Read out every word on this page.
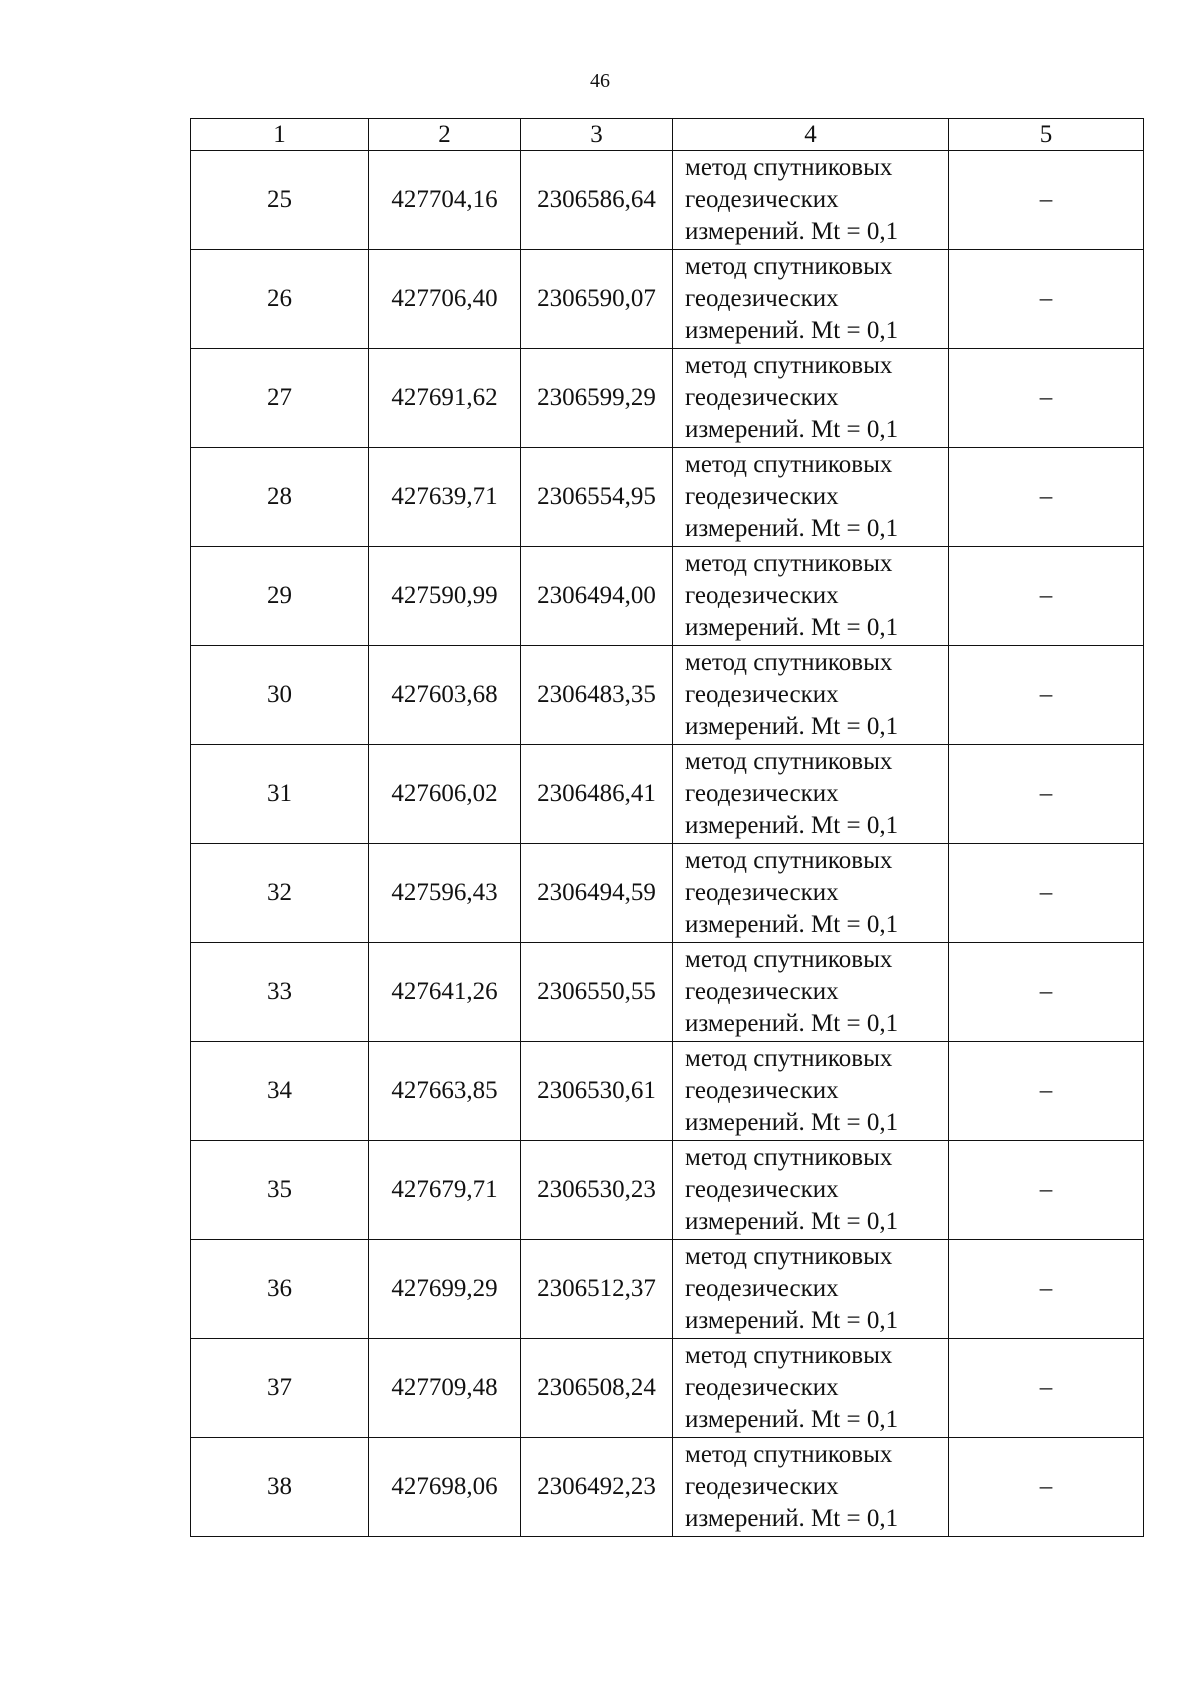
46
1	2	3	4	5
25	427704,16	2306586,64	метод спутниковых
геодезических
измерений. Mt = 0,1	–
26	427706,40	2306590,07	метод спутниковых
геодезических
измерений. Mt = 0,1	–
27	427691,62	2306599,29	метод спутниковых
геодезических
измерений. Mt = 0,1	–
28	427639,71	2306554,95	метод спутниковых
геодезических
измерений. Mt = 0,1	–
29	427590,99	2306494,00	метод спутниковых
геодезических
измерений. Mt = 0,1	–
30	427603,68	2306483,35	метод спутниковых
геодезических
измерений. Mt = 0,1	–
31	427606,02	2306486,41	метод спутниковых
геодезических
измерений. Mt = 0,1	–
32	427596,43	2306494,59	метод спутниковых
геодезических
измерений. Mt = 0,1	–
33	427641,26	2306550,55	метод спутниковых
геодезических
измерений. Mt = 0,1	–
34	427663,85	2306530,61	метод спутниковых
геодезических
измерений. Mt = 0,1	–
35	427679,71	2306530,23	метод спутниковых
геодезических
измерений. Mt = 0,1	–
36	427699,29	2306512,37	метод спутниковых
геодезических
измерений. Mt = 0,1	–
37	427709,48	2306508,24	метод спутниковых
геодезических
измерений. Mt = 0,1	–
38	427698,06	2306492,23	метод спутниковых
геодезических
измерений. Mt = 0,1	–
